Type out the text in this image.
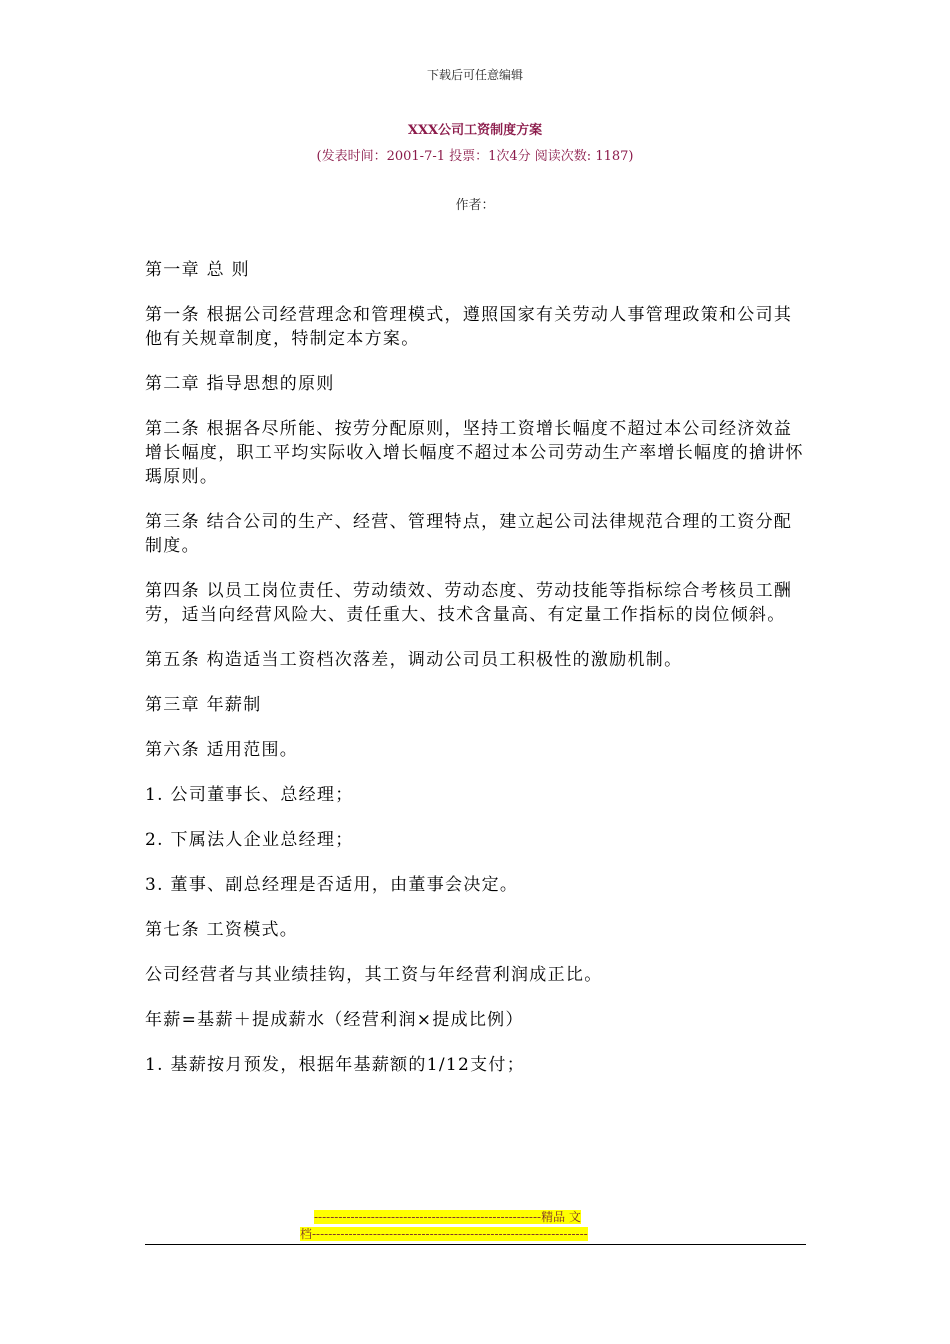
下载后可任意编辑
XXX公司工资制度方案
(发表时间：2001-7-1 投票：1次4分 阅读次数: 1187)
作者：

第一章 总 则

第一条 根据公司经营理念和管理模式，遵照国家有关劳动人事管理政策和公司其他有关规章制度，特制定本方案。

第二章 指导思想的原则

第二条 根据各尽所能、按劳分配原则，坚持工资增长幅度不超过本公司经济效益增长幅度，职工平均实际收入增长幅度不超过本公司劳动生产率增长幅度的搶讲怀瑪原则。

第三条 结合公司的生产、经营、管理特点，建立起公司法律规范合理的工资分配制度。

第四条 以员工岗位责任、劳动绩效、劳动态度、劳动技能等指标综合考核员工酬劳，适当向经营风险大、责任重大、技术含量高、有定量工作指标的岗位倾斜。

第五条 构造适当工资档次落差，调动公司员工积极性的激励机制。

第三章 年薪制

第六条 适用范围。

1. 公司董事长、总经理；

2. 下属法人企业总经理；

3. 董事、副总经理是否适用，由董事会决定。

第七条 工资模式。

公司经营者与其业绩挂钩，其工资与年经营利润成正比。

年薪=基薪＋提成薪水（经营利润×提成比例）

1. 基薪按月预发，根据年基薪额的1/12支付；

--------------------------------------------------------精品 文
档--------------------------------------------------------------------
